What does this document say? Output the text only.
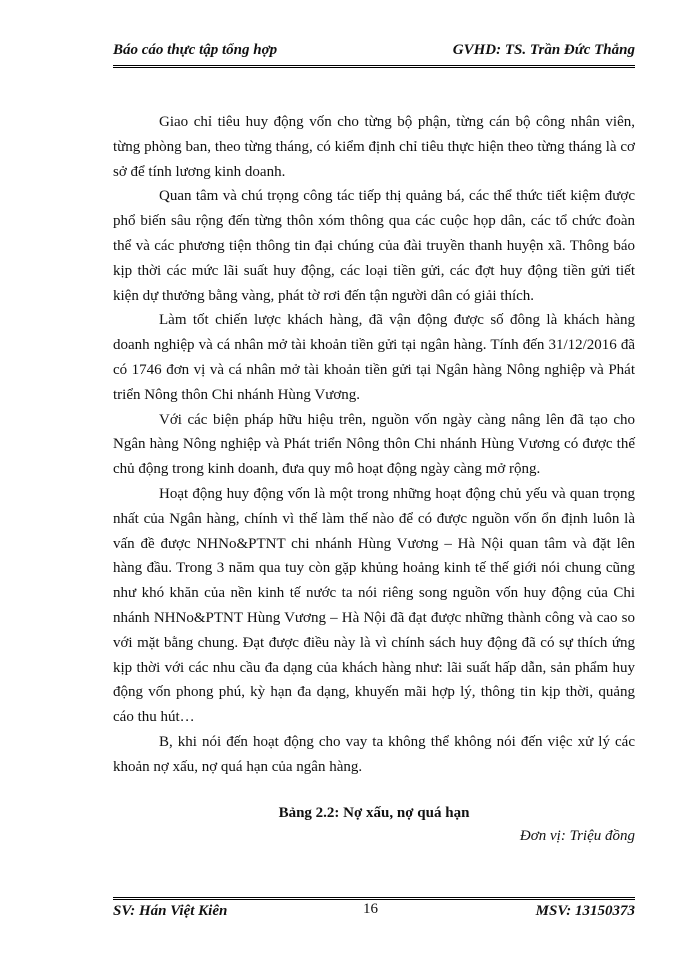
Báo cáo thực tập tổng hợp	GVHD: TS. Trần Đức Thắng

Giao chỉ tiêu huy động vốn cho từng bộ phận, từng cán bộ công nhân viên, từng phòng ban, theo từng tháng, có kiểm định chỉ tiêu thực hiện theo từng tháng là cơ sở để tính lương kinh doanh.

Quan tâm và chú trọng công tác tiếp thị quảng bá, các thể thức tiết kiệm được phổ biến sâu rộng đến từng thôn xóm thông qua các cuộc họp dân, các tổ chức đoàn thể và các phương tiện thông tin đại chúng của đài truyền thanh huyện xã. Thông báo kịp thời các mức lãi suất huy động, các loại tiền gửi, các đợt huy động tiền gửi tiết kiện dự thưởng bằng vàng, phát tờ rơi đến tận người dân có giải thích.

Làm tốt chiến lược khách hàng, đã vận động được số đông là khách hàng doanh nghiệp và cá nhân mở tài khoản tiền gửi tại ngân hàng. Tính đến 31/12/2016 đã có 1746 đơn vị và cá nhân mở tài khoản tiền gửi tại Ngân hàng Nông nghiệp và Phát triển Nông thôn Chi nhánh Hùng Vương.

Với các biện pháp hữu hiệu trên, nguồn vốn ngày càng nâng lên đã tạo cho Ngân hàng Nông nghiệp và Phát triển Nông thôn Chi nhánh Hùng Vương có được thế chủ động trong kinh doanh, đưa quy mô hoạt động ngày càng mở rộng.

Hoạt động huy động vốn là một trong những hoạt động chủ yếu và quan trọng nhất của Ngân hàng, chính vì thế làm thế nào để có được nguồn vốn ổn định luôn là vấn đề được NHNo&PTNT chi nhánh Hùng Vương – Hà Nội quan tâm và đặt lên hàng đầu. Trong 3 năm qua tuy còn gặp khủng hoảng kinh tế thế giới nói chung cũng như khó khăn của nền kinh tế nước ta nói riêng song nguồn vốn huy động của Chi nhánh NHNo&PTNT Hùng Vương – Hà Nội đã đạt được những thành công và cao so với mặt bằng chung. Đạt được điều này là vì chính sách huy động đã có sự thích ứng kịp thời với các nhu cầu đa dạng của khách hàng như: lãi suất hấp dẫn, sản phẩm huy động vốn phong phú, kỳ hạn đa dạng, khuyến mãi hợp lý, thông tin kịp thời, quảng cáo thu hút…

B, khi nói đến hoạt động cho vay ta không thể không nói đến việc xử lý các khoản nợ xấu, nợ quá hạn của ngân hàng.

Bảng 2.2: Nợ xấu, nợ quá hạn
Đơn vị: Triệu đồng
SV: Hán Việt Kiên	16	MSV: 13150373
